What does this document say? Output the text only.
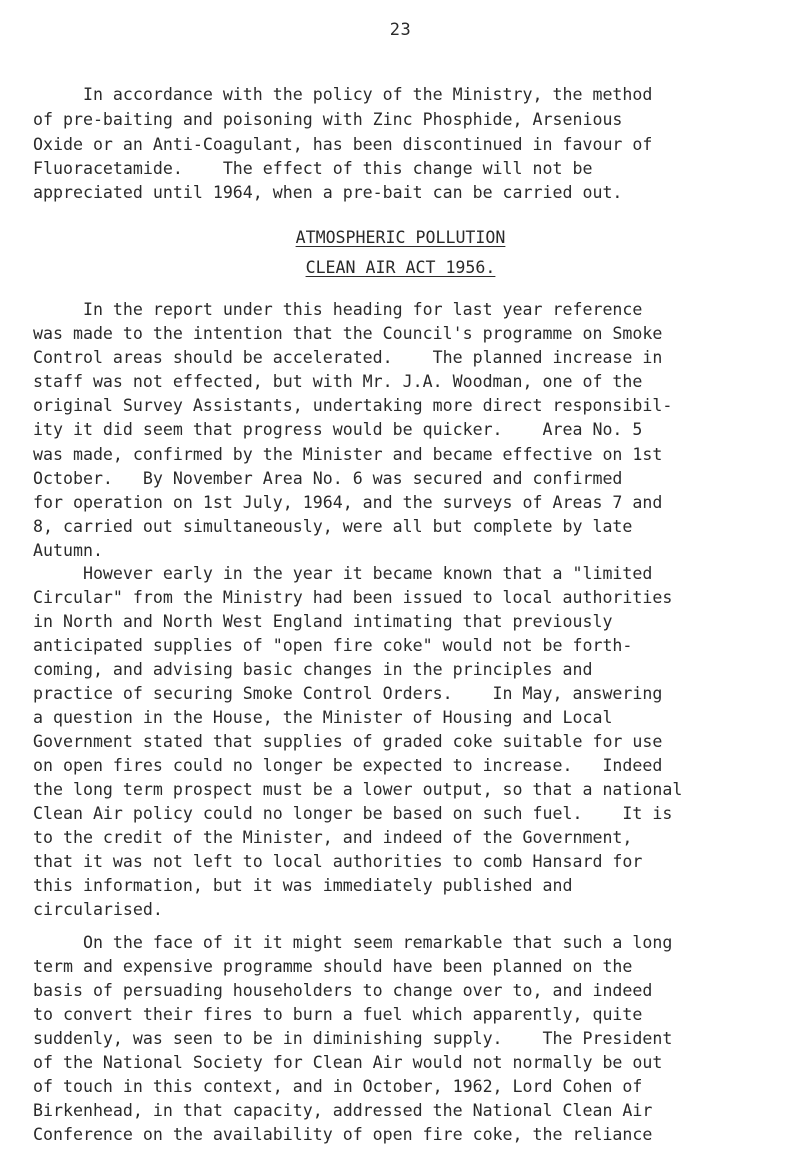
23
In accordance with the policy of the Ministry, the method
of pre-baiting and poisoning with Zinc Phosphide, Arsenious
Oxide or an Anti-Coagulant, has been discontinued in favour of
Fluoracetamide.    The effect of this change will not be
appreciated until 1964, when a pre-bait can be carried out.
ATMOSPHERIC POLLUTION
CLEAN AIR ACT 1956.
In the report under this heading for last year reference
was made to the intention that the Council's programme on Smoke
Control areas should be accelerated.    The planned increase in
staff was not effected, but with Mr. J.A. Woodman, one of the
original Survey Assistants, undertaking more direct responsibil-
ity it did seem that progress would be quicker.    Area No. 5
was made, confirmed by the Minister and became effective on 1st
October.   By November Area No. 6 was secured and confirmed
for operation on 1st July, 1964, and the surveys of Areas 7 and
8, carried out simultaneously, were all but complete by late
Autumn.
However early in the year it became known that a "limited
Circular" from the Ministry had been issued to local authorities
in North and North West England intimating that previously
anticipated supplies of "open fire coke" would not be forth-
coming, and advising basic changes in the principles and
practice of securing Smoke Control Orders.    In May, answering
a question in the House, the Minister of Housing and Local
Government stated that supplies of graded coke suitable for use
on open fires could no longer be expected to increase.   Indeed
the long term prospect must be a lower output, so that a national
Clean Air policy could no longer be based on such fuel.    It is
to the credit of the Minister, and indeed of the Government,
that it was not left to local authorities to comb Hansard for
this information, but it was immediately published and
circularised.
On the face of it it might seem remarkable that such a long
term and expensive programme should have been planned on the
basis of persuading householders to change over to, and indeed
to convert their fires to burn a fuel which apparently, quite
suddenly, was seen to be in diminishing supply.    The President
of the National Society for Clean Air would not normally be out
of touch in this context, and in October, 1962, Lord Cohen of
Birkenhead, in that capacity, addressed the National Clean Air
Conference on the availability of open fire coke, the reliance
